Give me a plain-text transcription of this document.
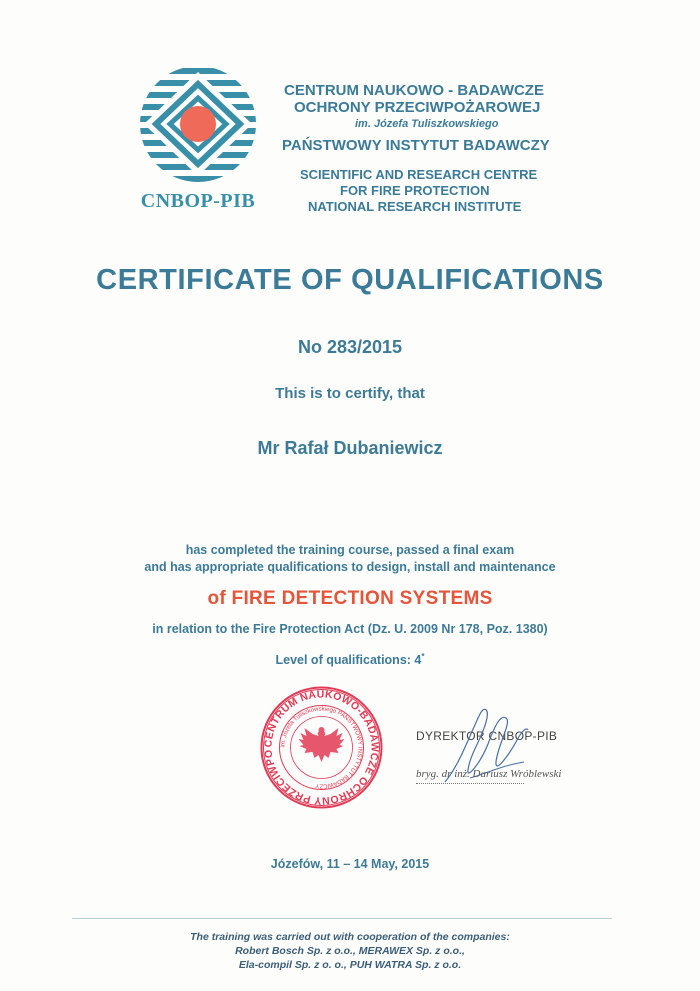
CNBOP-PIB
CENTRUM NAUKOWO - BADAWCZE
OCHRONY PRZECIWPOŻAROWEJ
im. Józefa Tuliszkowskiego
PAŃSTWOWY INSTYTUT BADAWCZY
SCIENTIFIC AND RESEARCH CENTRE
FOR FIRE PROTECTION
NATIONAL RESEARCH INSTITUTE
CERTIFICATE OF QUALIFICATIONS
No 283/2015
This is to certify, that
Mr Rafał Dubaniewicz
has completed the training course, passed a final exam
and has appropriate qualifications to design, install and maintenance
of FIRE DETECTION SYSTEMS
in relation to the Fire Protection Act (Dz. U. 2009 Nr 178, Poz. 1380)
Level of qualifications: 4*
CENTRUM NAUKOWO-BADAWCZE OCHRONY PRZECIWPO
im. Józefa Tuliszkowskiego PAŃSTWOWY INSTYTUT BADAWCZY
DYREKTOR CNBOP-PIB
bryg. dr inż. Dariusz Wróblewski
Józefów, 11 – 14 May, 2015
The training was carried out with cooperation of the companies:
Robert Bosch Sp. z o.o., MERAWEX Sp. z o.o.,
Ela-compil Sp. z o. o., PUH WATRA Sp. z o.o.
